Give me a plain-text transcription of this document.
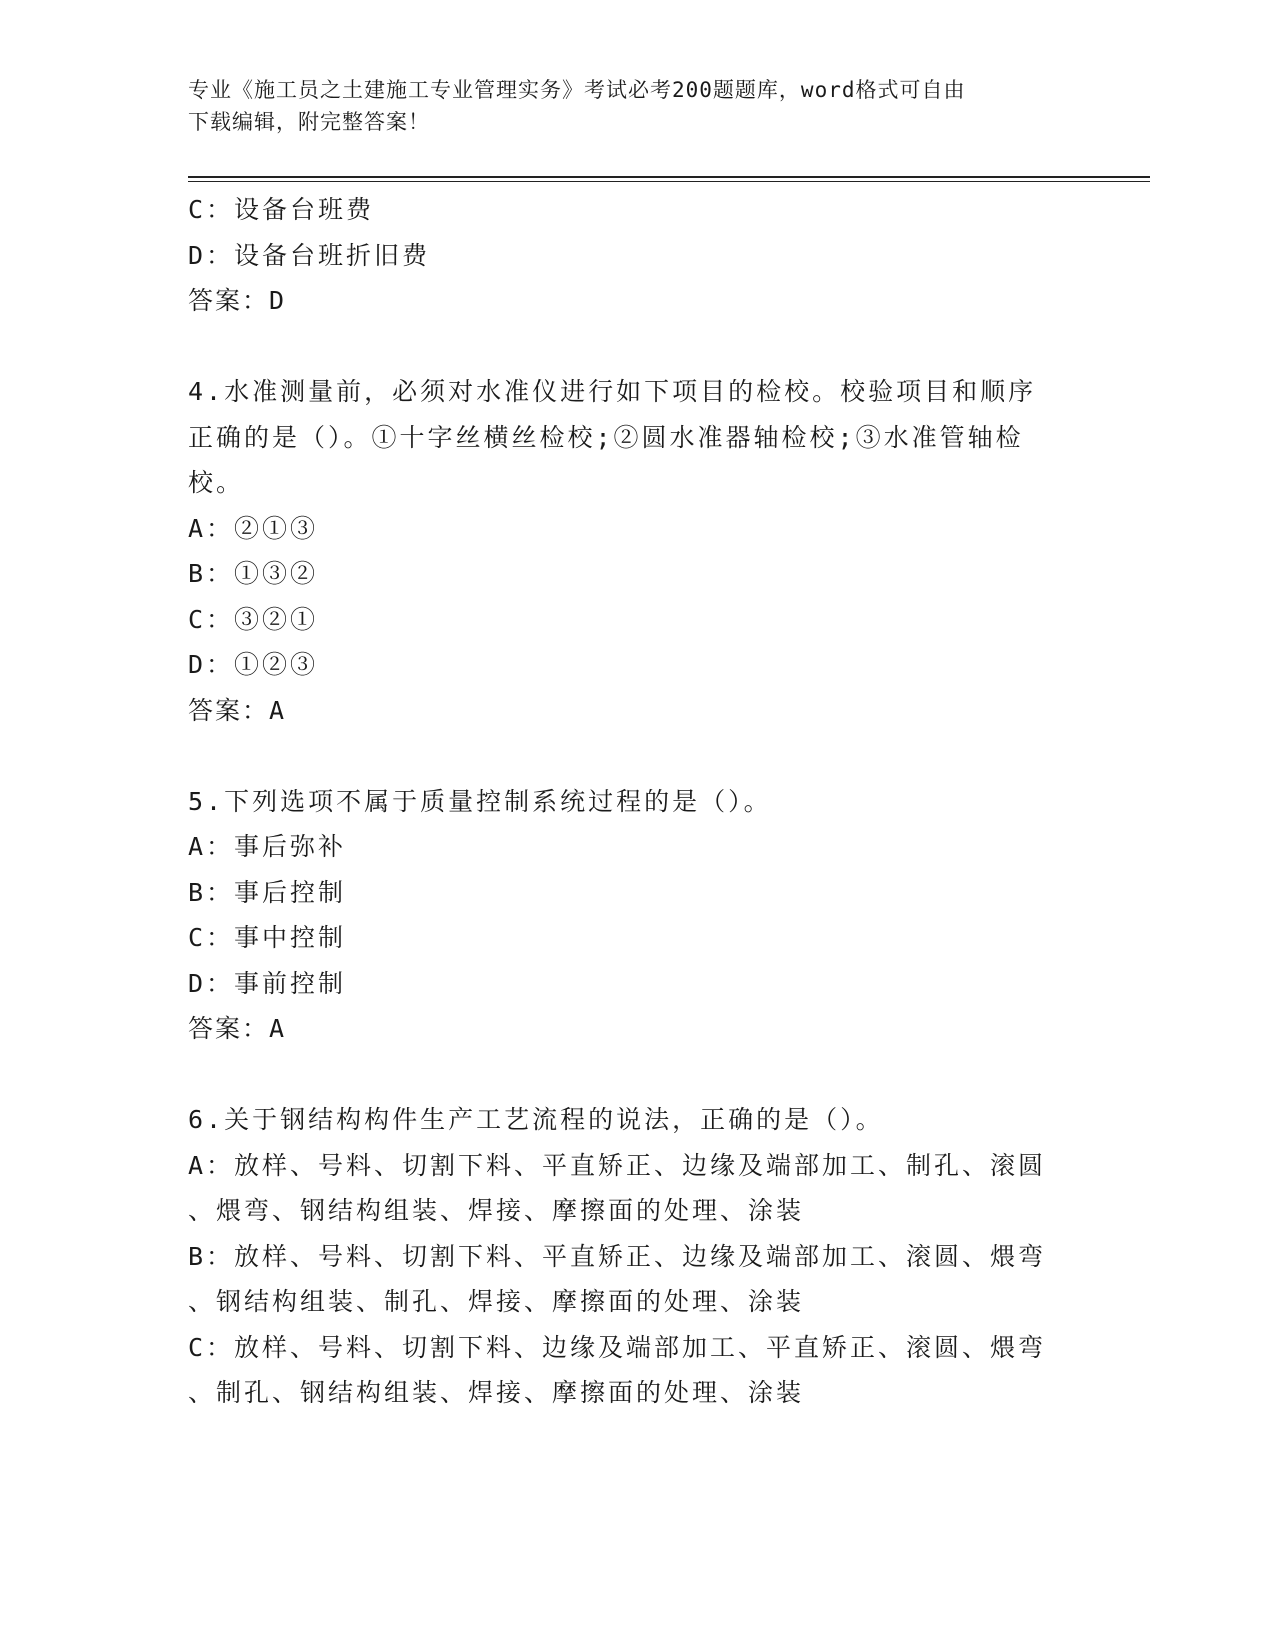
专业《施工员之土建施工专业管理实务》考试必考200题题库，word格式可自由
下载编辑，附完整答案！
C：设备台班费
D：设备台班折旧费
答案：D
4.水准测量前，必须对水准仪进行如下项目的检校。校验项目和顺序
正确的是（）。①十字丝横丝检校;②圆水准器轴检校;③水准管轴检
校。
A：②①③
B：①③②
C：③②①
D：①②③
答案：A
5.下列选项不属于质量控制系统过程的是（）。
A：事后弥补
B：事后控制
C：事中控制
D：事前控制
答案：A
6.关于钢结构构件生产工艺流程的说法，正确的是（）。
A：放样、号料、切割下料、平直矫正、边缘及端部加工、制孔、滚圆
、煨弯、钢结构组装、焊接、摩擦面的处理、涂装
B：放样、号料、切割下料、平直矫正、边缘及端部加工、滚圆、煨弯
、钢结构组装、制孔、焊接、摩擦面的处理、涂装
C：放样、号料、切割下料、边缘及端部加工、平直矫正、滚圆、煨弯
、制孔、钢结构组装、焊接、摩擦面的处理、涂装
